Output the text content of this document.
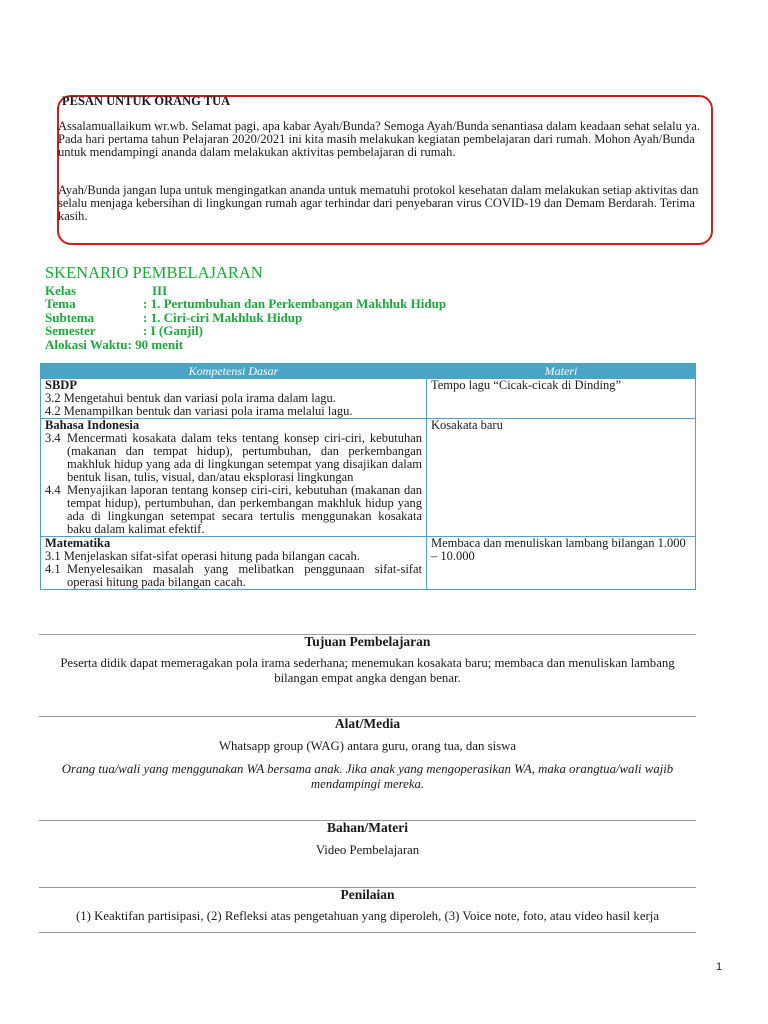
PESAN UNTUK ORANG TUA

Assalamuallaikum wr.wb. Selamat pagi, apa kabar Ayah/Bunda? Semoga Ayah/Bunda senantiasa dalam keadaan sehat selalu ya. Pada hari pertama tahun Pelajaran 2020/2021 ini kita masih melakukan kegiatan pembelajaran dari rumah. Mohon Ayah/Bunda untuk mendampingi ananda dalam melakukan aktivitas pembelajaran di rumah.

Ayah/Bunda jangan lupa untuk mengingatkan ananda untuk mematuhi protokol kesehatan dalam melakukan setiap aktivitas dan selalu menjaga kebersihan di lingkungan rumah agar terhindar dari penyebaran virus COVID-19 dan Demam Berdarah. Terima kasih.

SKENARIO PEMBELAJARAN
Kelas	III
Tema	: 1. Pertumbuhan dan Perkembangan Makhluk Hidup
Subtema	: 1. Ciri-ciri Makhluk Hidup
Semester	: I (Ganjil)
Alokasi Waktu: 90 menit
Kompetensi Dasar	Materi

SBDP
3.2 Mengetahui bentuk dan variasi pola irama dalam lagu.
4.2 Menampilkan bentuk dan variasi pola irama melalui lagu.	Tempo lagu “Cicak-cicak di Dinding”

Bahasa Indonesia
3.4 Mencermati kosakata dalam teks tentang konsep ciri-ciri, kebutuhan (makanan dan tempat hidup), pertumbuhan, dan perkembangan makhluk hidup yang ada di lingkungan setempat yang disajikan dalam bentuk lisan, tulis, visual, dan/atau eksplorasi lingkungan
4.4 Menyajikan laporan tentang konsep ciri-ciri, kebutuhan (makanan dan tempat hidup), pertumbuhan, dan perkembangan makhluk hidup yang ada di lingkungan setempat secara tertulis menggunakan kosakata baku dalam kalimat efektif.	Kosakata baru

Matematika
3.1 Menjelaskan sifat-sifat operasi hitung pada bilangan cacah.
4.1 Menyelesaikan masalah yang melibatkan penggunaan sifat-sifat operasi hitung pada bilangan cacah.	Membaca dan menuliskan lambang bilangan 1.000 – 10.000
Tujuan Pembelajaran
Peserta didik dapat memeragakan pola irama sederhana; menemukan kosakata baru; membaca dan menuliskan lambang bilangan empat angka dengan benar.
Alat/Media
Whatsapp group (WAG) antara guru, orang tua, dan siswa
Orang tua/wali yang menggunakan WA bersama anak. Jika anak yang mengoperasikan WA, maka orangtua/wali wajib mendampingi mereka.
Bahan/Materi
Video Pembelajaran
Penilaian
(1) Keaktifan partisipasi, (2) Refleksi atas pengetahuan yang diperoleh, (3) Voice note, foto, atau video hasil kerja
1
